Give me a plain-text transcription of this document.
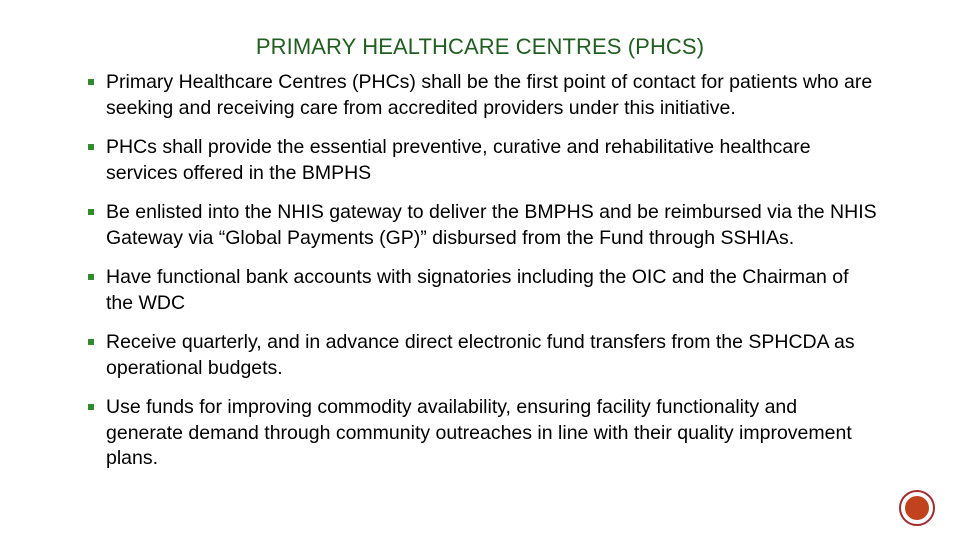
PRIMARY HEALTHCARE CENTRES (PHCS)
Primary Healthcare Centres (PHCs) shall be the first point of contact for patients who are seeking and receiving care from accredited providers under this initiative.
PHCs shall provide the essential preventive, curative and rehabilitative healthcare services offered in the BMPHS
Be enlisted into the NHIS gateway to deliver the BMPHS and be reimbursed via the NHIS Gateway via “Global Payments (GP)” disbursed from the Fund through SSHIAs.
Have functional bank accounts with signatories including the OIC and the Chairman of the WDC
Receive quarterly, and in advance direct electronic fund transfers from the SPHCDA as operational budgets.
Use funds for improving commodity availability, ensuring facility functionality and generate demand through community outreaches in line with their quality improvement plans.
